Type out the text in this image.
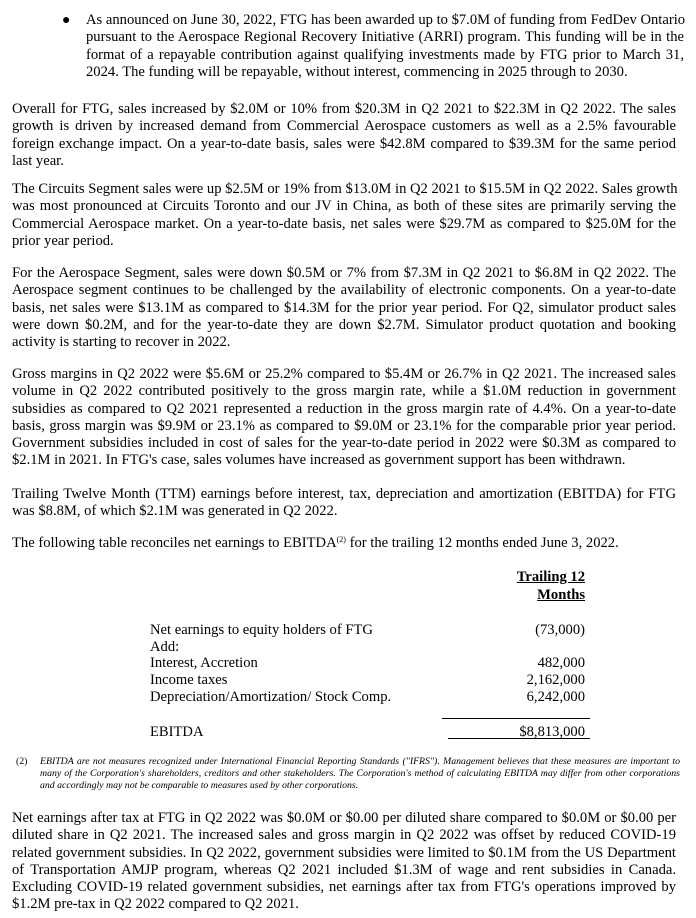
● As announced on June 30, 2022, FTG has been awarded up to $7.0M of funding from FedDev Ontario
pursuant to the Aerospace Regional Recovery Initiative (ARRI) program. This funding will be in the
format of a repayable contribution against qualifying investments made by FTG prior to March 31,
2024. The funding will be repayable, without interest, commencing in 2025 through to 2030.
Overall for FTG, sales increased by $2.0M or 10% from $20.3M in Q2 2021 to $22.3M in Q2 2022. The sales
growth is driven by increased demand from Commercial Aerospace customers as well as a 2.5% favourable
foreign exchange impact. On a year-to-date basis, sales were $42.8M compared to $39.3M for the same period
last year.
The Circuits Segment sales were up $2.5M or 19% from $13.0M in Q2 2021 to $15.5M in Q2 2022. Sales growth
was most pronounced at Circuits Toronto and our JV in China, as both of these sites are primarily serving the
Commercial Aerospace market. On a year-to-date basis, net sales were $29.7M as compared to $25.0M for the
prior year period.
For the Aerospace Segment, sales were down $0.5M or 7% from $7.3M in Q2 2021 to $6.8M in Q2 2022. The
Aerospace segment continues to be challenged by the availability of electronic components. On a year-to-date
basis, net sales were $13.1M as compared to $14.3M for the prior year period. For Q2, simulator product sales
were down $0.2M, and for the year-to-date they are down $2.7M. Simulator product quotation and booking
activity is starting to recover in 2022.
Gross margins in Q2 2022 were $5.6M or 25.2% compared to $5.4M or 26.7% in Q2 2021. The increased sales
volume in Q2 2022 contributed positively to the gross margin rate, while a $1.0M reduction in government
subsidies as compared to Q2 2021 represented a reduction in the gross margin rate of 4.4%. On a year-to-date
basis, gross margin was $9.9M or 23.1% as compared to $9.0M or 23.1% for the comparable prior year period.
Government subsidies included in cost of sales for the year-to-date period in 2022 were $0.3M as compared to
$2.1M in 2021. In FTG's case, sales volumes have increased as government support has been withdrawn.
Trailing Twelve Month (TTM) earnings before interest, tax, depreciation and amortization (EBITDA) for FTG
was $8.8M, of which $2.1M was generated in Q2 2022.
The following table reconciles net earnings to EBITDA$^{(2)}$ for the trailing 12 months ended June 3, 2022.
Trailing 12
Months
Net earnings to equity holders of FTG	(73,000)
Add:
Interest, Accretion	482,000
Income taxes	2,162,000
Depreciation/Amortization/ Stock Comp.	6,242,000
EBITDA	$8,813,000
(2) EBITDA are not measures recognized under International Financial Reporting Standards ("IFRS"). Management believes that these measures are important to many of the Corporation's shareholders, creditors and other stakeholders. The Corporation's method of calculating EBITDA may differ from other corporations and accordingly may not be comparable to measures used by other corporations.
Net earnings after tax at FTG in Q2 2022 was $0.0M or $0.00 per diluted share compared to $0.0M or $0.00 per
diluted share in Q2 2021. The increased sales and gross margin in Q2 2022 was offset by reduced COVID-19
related government subsidies. In Q2 2022, government subsidies were limited to $0.1M from the US Department
of Transportation AMJP program, whereas Q2 2021 included $1.3M of wage and rent subsidies in Canada.
Excluding COVID-19 related government subsidies, net earnings after tax from FTG's operations improved by
$1.2M pre-tax in Q2 2022 compared to Q2 2021.
